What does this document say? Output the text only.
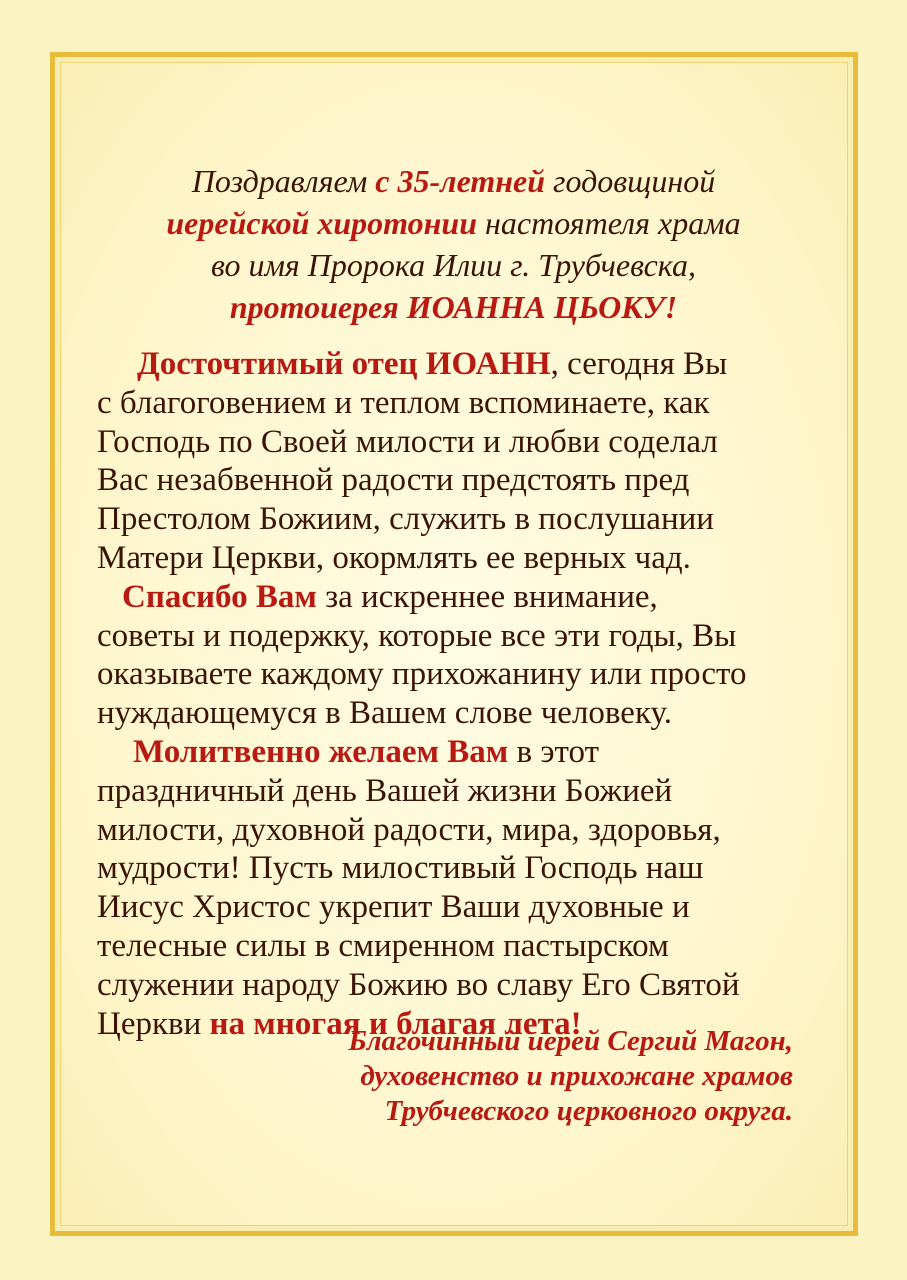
Поздравляем с 35-летней годовщиной
иерейской хиротонии настоятеля храма
во имя Пророка Илии г. Трубчевска,
протоиерея ИОАННА ЦЬОКУ!
Досточтимый отец ИОАНН, сегодня Вы
с благоговением и теплом вспоминаете, как
Господь по Своей милости и любви соделал
Вас незабвенной радости предстоять пред
Престолом Божиим, служить в послушании
Матери Церкви, окормлять ее верных чад.
Спасибо Вам за искреннее внимание,
советы и подержку, которые все эти годы, Вы
оказываете каждому прихожанину или просто
нуждающемуся в Вашем слове человеку.
Молитвенно желаем Вам в этот
праздничный день Вашей жизни Божией
милости, духовной радости, мира, здоровья,
мудрости! Пусть милостивый Господь наш
Иисус Христос укрепит Ваши духовные и
телесные силы в смиренном пастырском
служении народу Божию во славу Его Святой
Церкви на многая и благая лета!
Благочинный иерей Сергий Магон,
духовенство и прихожане храмов
Трубчевского церковного округа.
